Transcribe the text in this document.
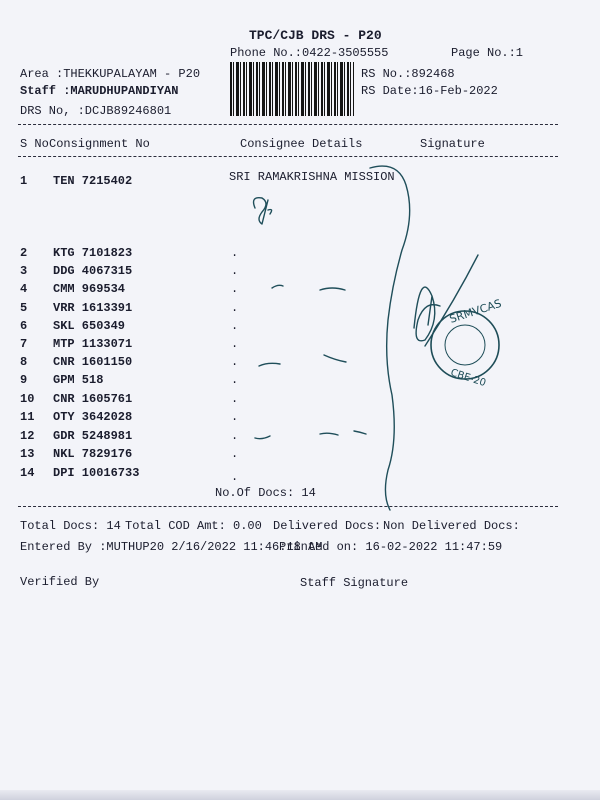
TPC/CJB DRS - P20
Phone No.:0422-3505555	Page No.:1
Area :THEKKUPALAYAM - P20
Staff :MARUDHUPANDIYAN
DRS No, :DCJB89246801
RS No.:892468
RS Date:16-Feb-2022
S No Consignment No	Consignee Details	Signature
1 TEN 7215402	SRI RAMAKRISHNA MISSION
2 KTG 7101823	.
3 DDG 4067315	.
4 CMM 969534	.
5 VRR 1613391	.
6 SKL 650349	.
7 MTP 1133071	.
8 CNR 1601150	.
9 GPM 518	.
10 CNR 1605761	.
11 OTY 3642028	.
12 GDR 5248981	.
13 NKL 7829176	.
14 DPI 10016733	.
No.Of Docs: 14
Total Docs: 14 Total COD Amt: 0.00 Delivered Docs: Non Delivered Docs:
Entered By :MUTHUP20 2/16/2022 11:46:18 AM
Printed on: 16-02-2022 11:47:59
Verified By	Staff Signature
SRMVCAS
CBE-20
